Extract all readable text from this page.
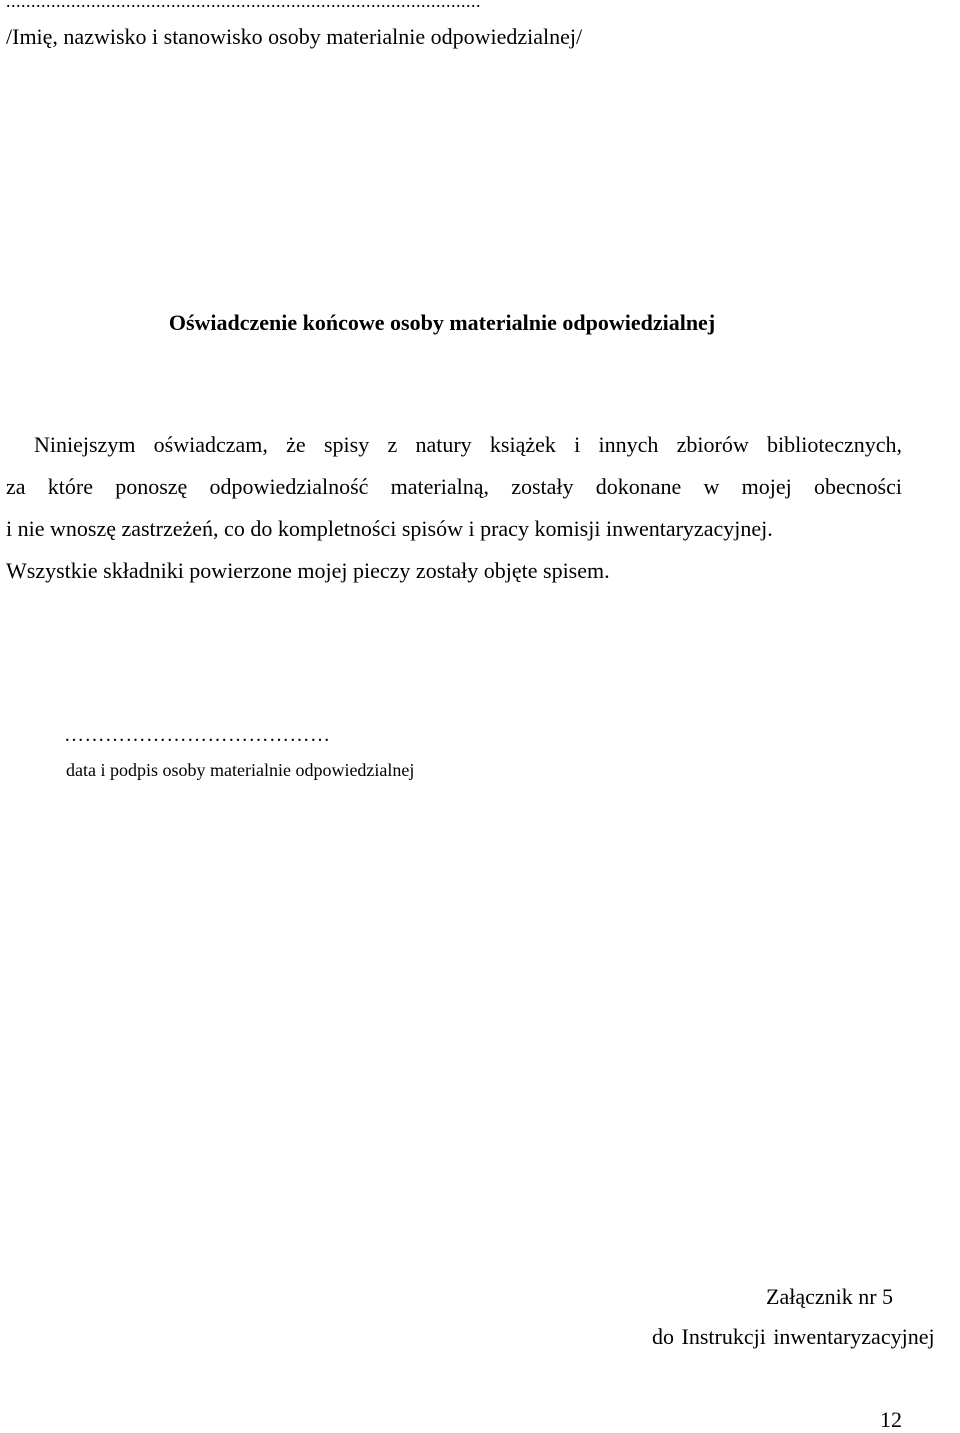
...............................................................................................
/Imię, nazwisko i stanowisko osoby materialnie odpowiedzialnej/
Oświadczenie końcowe osoby materialnie odpowiedzialnej
Niniejszym oświadczam, że spisy z natury książek i innych zbiorów bibliotecznych,
za które ponoszę odpowiedzialność materialną, zostały dokonane w mojej obecności
i nie wnoszę zastrzeżeń, co do kompletności spisów i pracy komisji inwentaryzacyjnej.
Wszystkie składniki powierzone mojej pieczy zostały objęte spisem.
…………………………………
data i podpis osoby materialnie odpowiedzialnej
Załącznik nr 5
do Instrukcji inwentaryzacyjnej
12
